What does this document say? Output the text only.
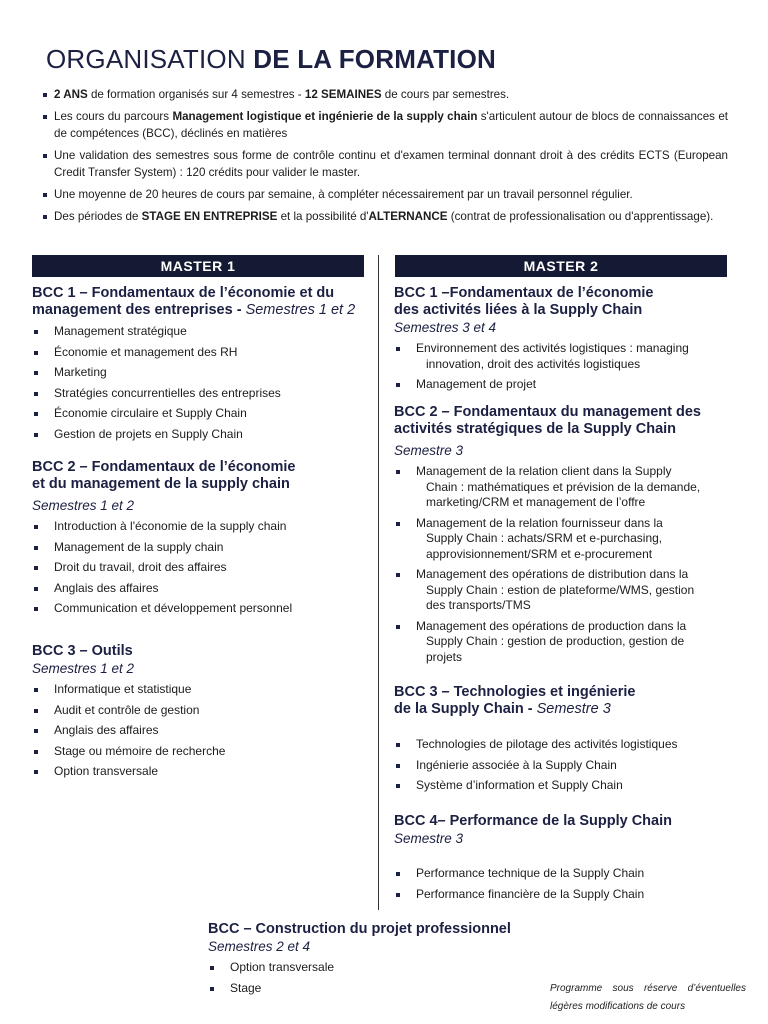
ORGANISATION DE LA FORMATION
2 ANS de formation organisés sur 4 semestres - 12 SEMAINES de cours par semestres.
Les cours du parcours Management logistique et ingénierie de la supply chain s'articulent autour de blocs de connaissances et de compétences (BCC), déclinés en matières
Une validation des semestres sous forme de contrôle continu et d'examen terminal donnant droit à des crédits ECTS (European Credit Transfer System) : 120 crédits pour valider le master.
Une moyenne de 20 heures de cours par semaine, à compléter nécessairement par un travail personnel régulier.
Des périodes de STAGE EN ENTREPRISE et la possibilité d'ALTERNANCE (contrat de professionalisation ou d'apprentissage).
MASTER 1	MASTER 2
BCC 1 – Fondamentaux de l’économie et du
management des entreprises - Semestres 1 et 2
Management stratégique
Économie et management des RH
Marketing
Stratégies concurrentielles des entreprises
Économie circulaire et Supply Chain
Gestion de projets en Supply Chain
BCC 2 – Fondamentaux de l’économie
et du management de la supply chain
Semestres 1 et 2
Introduction à l'économie de la supply chain
Management de la supply chain
Droit du travail, droit des affaires
Anglais des affaires
Communication et développement personnel
BCC 3 – Outils
Semestres 1 et 2
Informatique et statistique
Audit et contrôle de gestion
Anglais des affaires
Stage ou mémoire de recherche
Option transversale
BCC 1 –Fondamentaux de l’économie
des activités liées à la Supply Chain
Semestres 3 et 4
Environnement des activités logistiques : managing
innovation, droit des activités logistiques
Management de projet
BCC 2 – Fondamentaux du management des
activités stratégiques de la Supply Chain
Semestre 3
Management de la relation client dans la Supply
Chain : mathématiques et prévision de la demande,
marketing/CRM et management de l’offre
Management de la relation fournisseur dans la
Supply Chain : achats/SRM et e-purchasing,
approvisionnement/SRM et e-procurement
Management des opérations de distribution dans la
Supply Chain : estion de plateforme/WMS, gestion
des transports/TMS
Management des opérations de production dans la
Supply Chain : gestion de production, gestion de
projets
BCC 3 – Technologies et ingénierie
de la Supply Chain - Semestre 3
Technologies de pilotage des activités logistiques
Ingénierie associée à la Supply Chain
Système d’information et Supply Chain
BCC 4– Performance de la Supply Chain
Semestre 3
Performance technique de la Supply Chain
Performance financière de la Supply Chain
BCC – Construction du projet professionnel
Semestres 2 et 4
Option transversale
Stage	Programme sous réserve d’éventuelles légères modifications de cours
